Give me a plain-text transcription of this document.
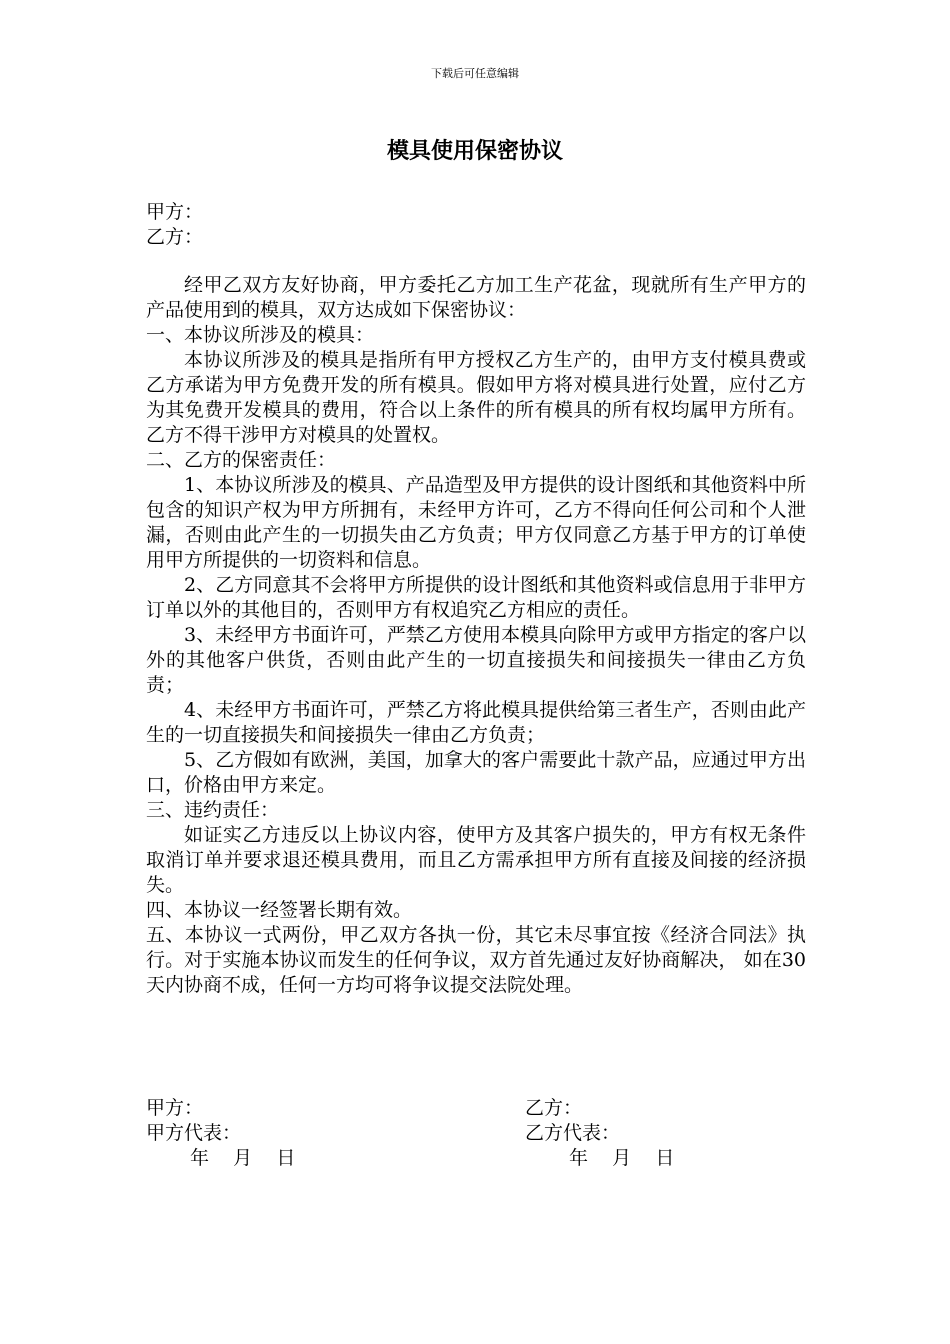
下载后可任意编辑
模具使用保密协议
甲方：
乙方：

经甲乙双方友好协商，甲方委托乙方加工生产花盆，现就所有生产甲方的产品使用到的模具，双方达成如下保密协议：

一、本协议所涉及的模具：

本协议所涉及的模具是指所有甲方授权乙方生产的，由甲方支付模具费或乙方承诺为甲方免费开发的所有模具。假如甲方将对模具进行处置，应付乙方为其免费开发模具的费用，符合以上条件的所有模具的所有权均属甲方所有。乙方不得干涉甲方对模具的处置权。

二、乙方的保密责任：

1、本协议所涉及的模具、产品造型及甲方提供的设计图纸和其他资料中所包含的知识产权为甲方所拥有，未经甲方许可，乙方不得向任何公司和个人泄漏，否则由此产生的一切损失由乙方负责；甲方仅同意乙方基于甲方的订单使用甲方所提供的一切资料和信息。

2、乙方同意其不会将甲方所提供的设计图纸和其他资料或信息用于非甲方订单以外的其他目的，否则甲方有权追究乙方相应的责任。

3、未经甲方书面许可，严禁乙方使用本模具向除甲方或甲方指定的客户以外的其他客户供货，否则由此产生的一切直接损失和间接损失一律由乙方负责；

4、未经甲方书面许可，严禁乙方将此模具提供给第三者生产，否则由此产生的一切直接损失和间接损失一律由乙方负责；

5、乙方假如有欧洲，美国，加拿大的客户需要此十款产品，应通过甲方出口，价格由甲方来定。

三、违约责任：

如证实乙方违反以上协议内容，使甲方及其客户损失的，甲方有权无条件取消订单并要求退还模具费用，而且乙方需承担甲方所有直接及间接的经济损失。

四、本协议一经签署长期有效。

五、本协议一式两份，甲乙双方各执一份，其它未尽事宜按《经济合同法》执行。对于实施本协议而发生的任何争议，双方首先通过友好协商解决， 如在30天内协商不成，任何一方均可将争议提交法院处理。

甲方：
甲方代表：
年    月    日
乙方：
乙方代表：
年    月    日
